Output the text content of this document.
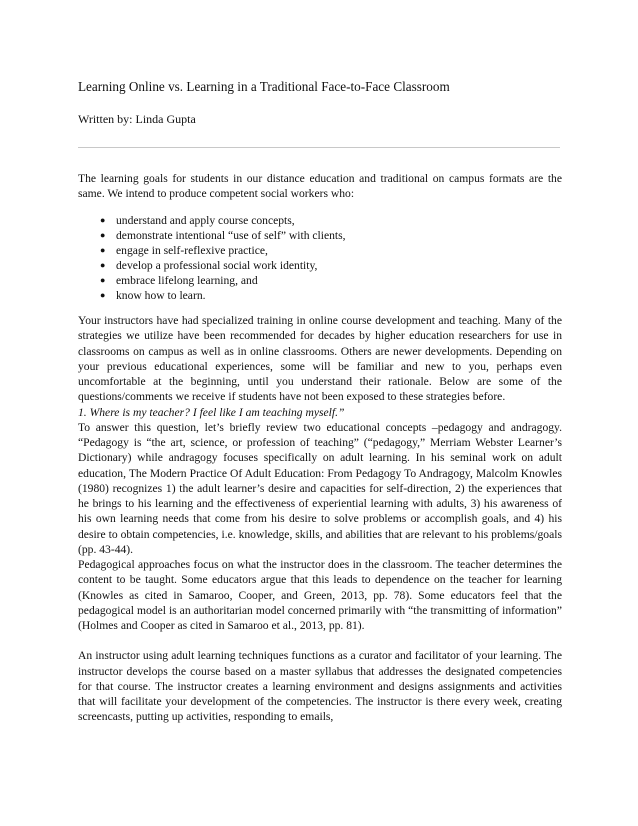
Learning Online vs. Learning in a Traditional Face-to-Face Classroom
Written by: Linda Gupta

The learning goals for students in our distance education and traditional on campus formats are the same. We intend to produce competent social workers who:

● understand and apply course concepts,
● demonstrate intentional “use of self” with clients,
● engage in self-reflexive practice,
● develop a professional social work identity,
● embrace lifelong learning, and
● know how to learn.

Your instructors have had specialized training in online course development and teaching. Many of the strategies we utilize have been recommended for decades by higher education researchers for use in classrooms on campus as well as in online classrooms. Others are newer developments. Depending on your previous educational experiences, some will be familiar and new to you, perhaps even uncomfortable at the beginning, until you understand their rationale. Below are some of the questions/comments we receive if students have not been exposed to these strategies before.

1. Where is my teacher? I feel like I am teaching myself.”

To answer this question, let’s briefly review two educational concepts –pedagogy and andragogy. “Pedagogy is “the art, science, or profession of teaching” (“pedagogy,” Merriam Webster Learner’s Dictionary) while andragogy focuses specifically on adult learning. In his seminal work on adult education, The Modern Practice Of Adult Education: From Pedagogy To Andragogy, Malcolm Knowles (1980) recognizes 1) the adult learner’s desire and capacities for self-direction, 2) the experiences that he brings to his learning and the effectiveness of experiential learning with adults, 3) his awareness of his own learning needs that come from his desire to solve problems or accomplish goals, and 4) his desire to obtain competencies, i.e. knowledge, skills, and abilities that are relevant to his problems/goals (pp. 43-44).

Pedagogical approaches focus on what the instructor does in the classroom. The teacher determines the content to be taught. Some educators argue that this leads to dependence on the teacher for learning (Knowles as cited in Samaroo, Cooper, and Green, 2013, pp. 78). Some educators feel that the pedagogical model is an authoritarian model concerned primarily with “the transmitting of information” (Holmes and Cooper as cited in Samaroo et al., 2013, pp. 81).

An instructor using adult learning techniques functions as a curator and facilitator of your learning. The instructor develops the course based on a master syllabus that addresses the designated competencies for that course. The instructor creates a learning environment and designs assignments and activities that will facilitate your development of the competencies. The instructor is there every week, creating screencasts, putting up activities, responding to emails,
